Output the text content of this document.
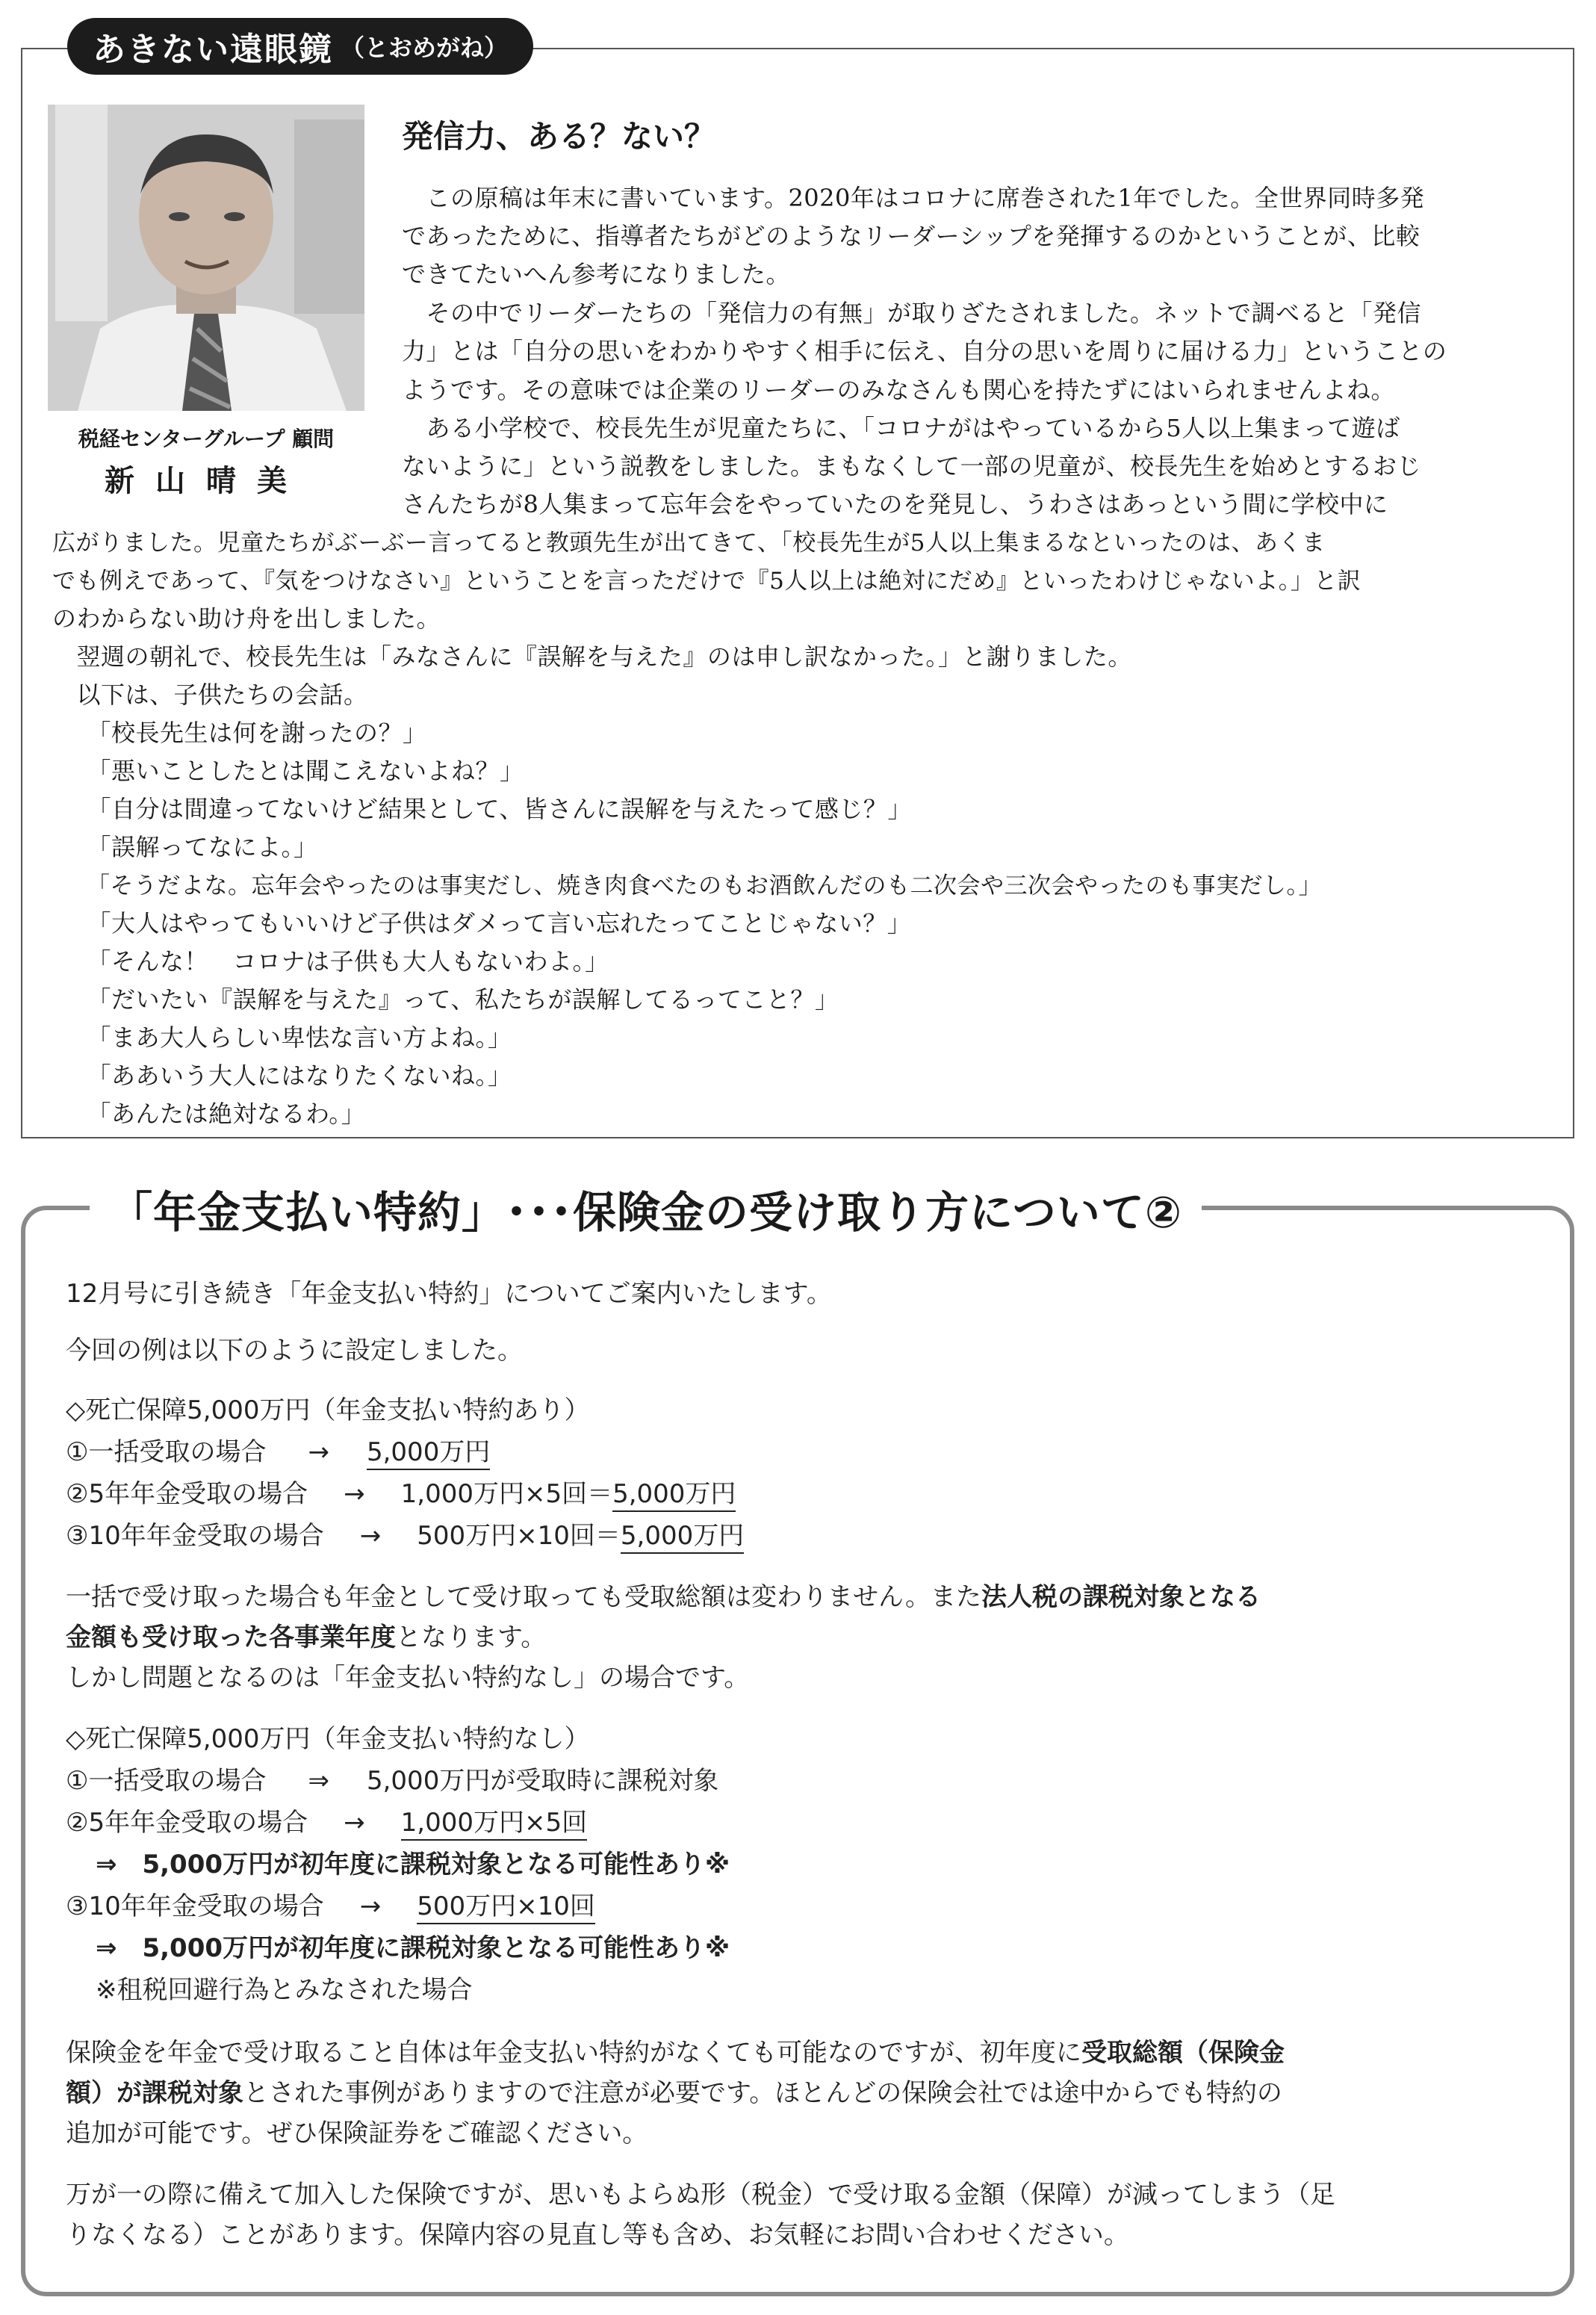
あきない遠眼鏡 （とおめがね）
税経センターグループ 顧問
新山晴美
発信力、ある？ない？
　この原稿は年末に書いています。2020年はコロナに席巻された1年でした。全世界同時多発
であったために、指導者たちがどのようなリーダーシップを発揮するのかということが、比較
できてたいへん参考になりました。
　その中でリーダーたちの「発信力の有無」が取りざたされました。ネットで調べると「発信
力」とは「自分の思いをわかりやすく相手に伝え、自分の思いを周りに届ける力」ということの
ようです。その意味では企業のリーダーのみなさんも関心を持たずにはいられませんよね。
　ある小学校で、校長先生が児童たちに、「コロナがはやっているから5人以上集まって遊ば
ないように」という説教をしました。まもなくして一部の児童が、校長先生を始めとするおじ
さんたちが8人集まって忘年会をやっていたのを発見し、うわさはあっという間に学校中に
広がりました。児童たちがぶーぶー言ってると教頭先生が出てきて、「校長先生が5人以上集まるなといったのは、あくま
でも例えであって、『気をつけなさい』ということを言っただけで『5人以上は絶対にだめ』といったわけじゃないよ。」と訳
のわからない助け舟を出しました。
　翌週の朝礼で、校長先生は「みなさんに『誤解を与えた』のは申し訳なかった。」と謝りました。
　以下は、子供たちの会話。
　「校長先生は何を謝ったの？」
　「悪いことしたとは聞こえないよね？」
　「自分は間違ってないけど結果として、皆さんに誤解を与えたって感じ？」
　「誤解ってなによ。」
　「そうだよな。忘年会やったのは事実だし、焼き肉食べたのもお酒飲んだのも二次会や三次会やったのも事実だし。」
　「大人はやってもいいけど子供はダメって言い忘れたってことじゃない？」
　「そんな！　コロナは子供も大人もないわよ。」
　「だいたい『誤解を与えた』って、私たちが誤解してるってこと？」
　「まあ大人らしい卑怯な言い方よね。」
　「ああいう大人にはなりたくないね。」
　「あんたは絶対なるわ。」
「年金支払い特約」･･･保険金の受け取り方について②
12月号に引き続き「年金支払い特約」についてご案内いたします。
今回の例は以下のように設定しました。
◇死亡保障5,000万円（年金支払い特約あり）
①一括受取の場合 → 5,000万円
②5年年金受取の場合 → 1,000万円×5回＝5,000万円
③10年年金受取の場合 → 500万円×10回＝5,000万円
一括で受け取った場合も年金として受け取っても受取総額は変わりません。また法人税の課税対象となる
金額も受け取った各事業年度となります。
しかし問題となるのは「年金支払い特約なし」の場合です。
◇死亡保障5,000万円（年金支払い特約なし）
①一括受取の場合 ⇒ 5,000万円が受取時に課税対象
②5年年金受取の場合 → 1,000万円×5回
⇒　5,000万円が初年度に課税対象となる可能性あり※
③10年年金受取の場合 → 500万円×10回
⇒　5,000万円が初年度に課税対象となる可能性あり※
※租税回避行為とみなされた場合
保険金を年金で受け取ること自体は年金支払い特約がなくても可能なのですが、初年度に受取総額（保険金
額）が課税対象とされた事例がありますので注意が必要です。ほとんどの保険会社では途中からでも特約の
追加が可能です。ぜひ保険証券をご確認ください。
万が一の際に備えて加入した保険ですが、思いもよらぬ形（税金）で受け取る金額（保障）が減ってしまう（足
りなくなる）ことがあります。保障内容の見直し等も含め、お気軽にお問い合わせください。
